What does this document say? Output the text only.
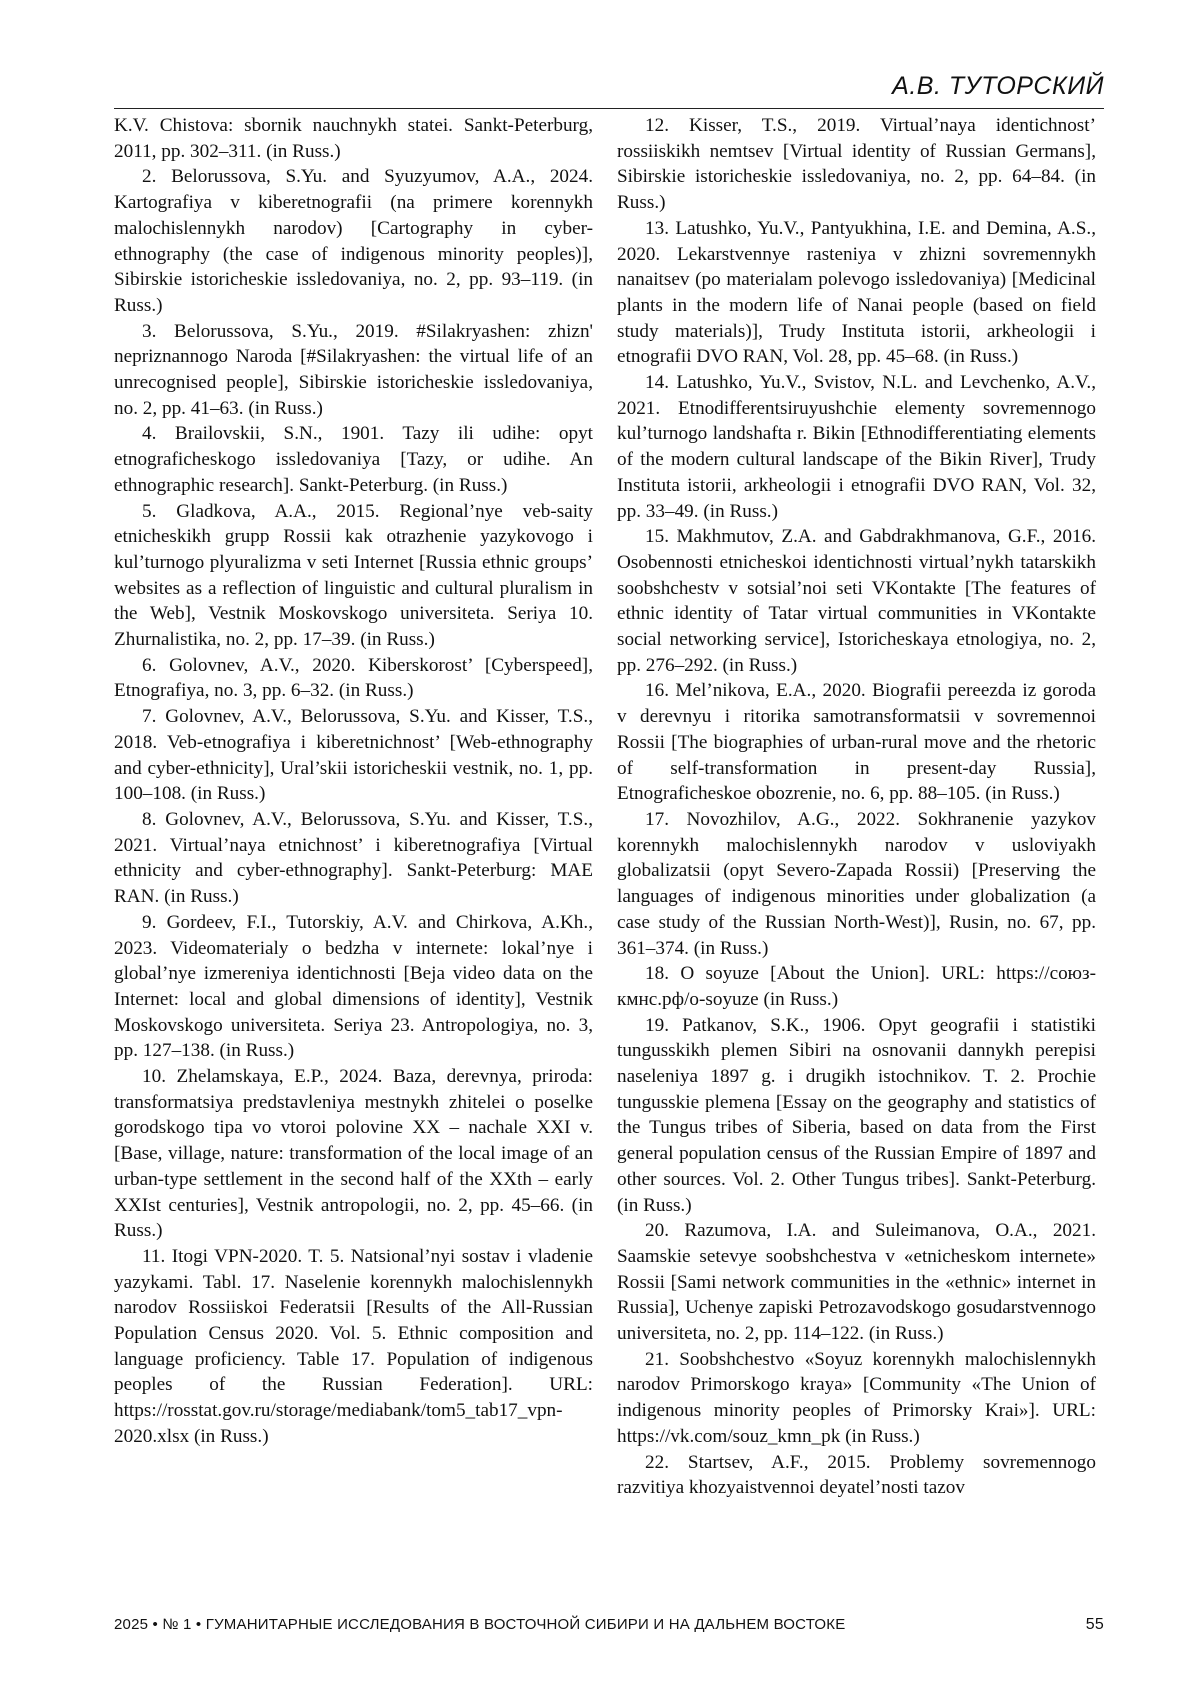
А.В. ТУТОРСКИЙ

K.V. Chistova: sbornik nauchnykh statei. Sankt-Peterburg, 2011, pp. 302–311. (in Russ.)

2. Belorussova, S.Yu. and Syuzyumov, A.A., 2024. Kartografiya v kiberetnografii (na primere korennykh malochislennykh narodov) [Cartography in cyber-ethnography (the case of indigenous minority peoples)], Sibirskie istoricheskie issledovaniya, no. 2, pp. 93–119. (in Russ.)

3. Belorussova, S.Yu., 2019. #Silakryashen: zhizn' nepriznannogo Naroda [#Silakryashen: the virtual life of an unrecognised people], Sibirskie istoricheskie issledovaniya, no. 2, pp. 41–63. (in Russ.)

4. Brailovskii, S.N., 1901. Tazy ili udihe: opyt etnograficheskogo issledovaniya [Tazy, or udihe. An ethnographic research]. Sankt-Peterburg. (in Russ.)

5. Gladkova, A.A., 2015. Regional’nye veb-saity etnicheskikh grupp Rossii kak otrazhenie yazykovogo i kul’turnogo plyuralizma v seti Internet [Russia ethnic groups’ websites as a reflection of linguistic and cultural pluralism in the Web], Vestnik Moskovskogo universiteta. Seriya 10. Zhurnalistika, no. 2, pp. 17–39. (in Russ.)

6. Golovnev, A.V., 2020. Kiberskorost’ [Cyberspeed], Etnografiya, no. 3, pp. 6–32. (in Russ.)

7. Golovnev, A.V., Belorussova, S.Yu. and Kisser, T.S., 2018. Veb-etnografiya i kiberetnichnost’ [Web-ethnography and cyber-ethnicity], Ural’skii istoricheskii vestnik, no. 1, pp. 100–108. (in Russ.)

8. Golovnev, A.V., Belorussova, S.Yu. and Kisser, T.S., 2021. Virtual’naya etnichnost’ i kiberetnografiya [Virtual ethnicity and cyber-ethnography]. Sankt-Peterburg: MAE RAN. (in Russ.)

9. Gordeev, F.I., Tutorskiy, A.V. and Chirkova, A.Kh., 2023. Videomaterialy o bedzha v internete: lokal’nye i global’nye izmereniya identichnosti [Beja video data on the Internet: local and global dimensions of identity], Vestnik Moskovskogo universiteta. Seriya 23. Antropologiya, no. 3, pp. 127–138. (in Russ.)

10. Zhelamskaya, E.P., 2024. Baza, derevnya, priroda: transformatsiya predstavleniya mestnykh zhitelei o poselke gorodskogo tipa vo vtoroi polovine XX – nachale XXI v. [Base, village, nature: transformation of the local image of an urban-type settlement in the second half of the XXth – early XXIst centuries], Vestnik antropologii, no. 2, pp. 45–66. (in Russ.)

11. Itogi VPN-2020. T. 5. Natsional’nyi sostav i vladenie yazykami. Tabl. 17. Naselenie korennykh malochislennykh narodov Rossiiskoi Federatsii [Results of the All-Russian Population Census 2020. Vol. 5. Ethnic composition and language proficiency. Table 17. Population of indigenous peoples of the Russian Federation]. URL: https://rosstat.gov.ru/storage/mediabank/tom5_tab17_vpn-2020.xlsx (in Russ.)

12. Kisser, T.S., 2019. Virtual’naya identichnost’ rossiiskikh nemtsev [Virtual identity of Russian Germans], Sibirskie istoricheskie issledovaniya, no. 2, pp. 64–84. (in Russ.)

13. Latushko, Yu.V., Pantyukhina, I.E. and Demina, A.S., 2020. Lekarstvennye rasteniya v zhizni sovremennykh nanaitsev (po materialam polevogo issledovaniya) [Medicinal plants in the modern life of Nanai people (based on field study materials)], Trudy Instituta istorii, arkheologii i etnografii DVO RAN, Vol. 28, pp. 45–68. (in Russ.)

14. Latushko, Yu.V., Svistov, N.L. and Levchenko, A.V., 2021. Etnodifferentsiruyushchie elementy sovremennogo kul’turnogo landshafta r. Bikin [Ethnodifferentiating elements of the modern cultural landscape of the Bikin River], Trudy Instituta istorii, arkheologii i etnografii DVO RAN, Vol. 32, pp. 33–49. (in Russ.)

15. Makhmutov, Z.A. and Gabdrakhmanova, G.F., 2016. Osobennosti etnicheskoi identichnosti virtual’nykh tatarskikh soobshchestv v sotsial’noi seti VKontakte [The features of ethnic identity of Tatar virtual communities in VKontakte social networking service], Istoricheskaya etnologiya, no. 2, pp. 276–292. (in Russ.)

16. Mel’nikova, E.A., 2020. Biografii pereezda iz goroda v derevnyu i ritorika samotransformatsii v sovremennoi Rossii [The biographies of urban-rural move and the rhetoric of self-transformation in present-day Russia], Etnograficheskoe obozrenie, no. 6, pp. 88–105. (in Russ.)

17. Novozhilov, A.G., 2022. Sokhranenie yazykov korennykh malochislennykh narodov v usloviyakh globalizatsii (opyt Severo-Zapada Rossii) [Preserving the languages of indigenous minorities under globalization (a case study of the Russian North-West)], Rusin, no. 67, pp. 361–374. (in Russ.)

18. O soyuze [About the Union]. URL: https://союз-кмнс.рф/o-soyuze (in Russ.)

19. Patkanov, S.K., 1906. Opyt geografii i statistiki tungusskikh plemen Sibiri na osnovanii dannykh perepisi naseleniya 1897 g. i drugikh istochnikov. T. 2. Prochie tungusskie plemena [Essay on the geography and statistics of the Tungus tribes of Siberia, based on data from the First general population census of the Russian Empire of 1897 and other sources. Vol. 2. Other Tungus tribes]. Sankt-Peterburg. (in Russ.)

20. Razumova, I.A. and Suleimanova, O.A., 2021. Saamskie setevye soobshchestva v «etnicheskom internete» Rossii [Sami network communities in the «ethnic» internet in Russia], Uchenye zapiski Petrozavodskogo gosudarstvennogo universiteta, no. 2, pp. 114–122. (in Russ.)

21. Soobshchestvo «Soyuz korennykh malochislennykh narodov Primorskogo kraya» [Community «The Union of indigenous minority peoples of Primorsky Krai»]. URL: https://vk.com/souz_kmn_pk (in Russ.)

22. Startsev, A.F., 2015. Problemy sovremennogo razvitiya khozyaistvennoi deyatel’nosti tazov

2025 • № 1 • ГУМАНИТАРНЫЕ ИССЛЕДОВАНИЯ В ВОСТОЧНОЙ СИБИРИ И НА ДАЛЬНЕМ ВОСТОКЕ	55
